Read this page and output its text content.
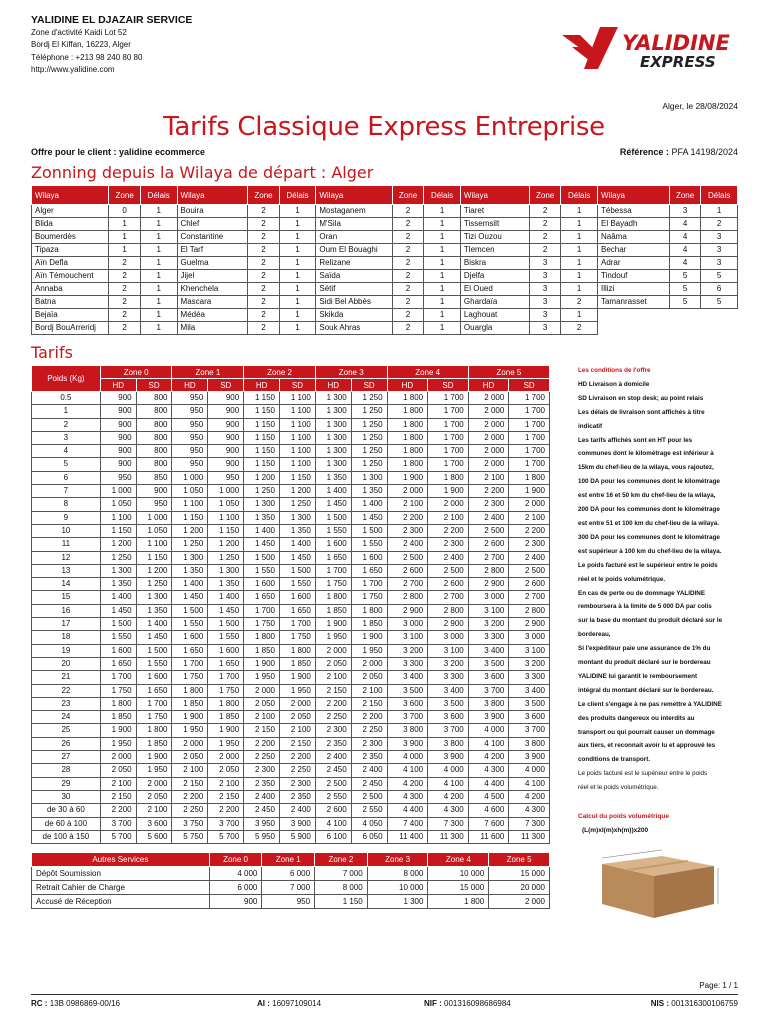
YALIDINE EL DJAZAIR SERVICE
Zone d'activité Kaidi Lot 52
Bordj El Kiffan, 16223, Alger
Téléphone : +213 98 240 80 80
http://www.yalidine.com
YALIDINE
EXPRESS
Alger, le 28/08/2024
Tarifs Classique Express Entreprise
Offre pour le client : yalidine ecommerce	Référence : PFA 14198/2024
Zonning depuis la Wilaya de départ : Alger
Wilaya	Zone	Délais	Wilaya	Zone	Délais	Wilaya	Zone	Délais	Wilaya	Zone	Délais	Wilaya	Zone	Délais
Alger	0	1	Bouira	2	1	Mostaganem	2	1	Tiaret	2	1	Tébessa	3	1
Blida	1	1	Chlef	2	1	M'Sila	2	1	Tissemsilt	2	1	El Bayadh	4	2
Boumerdès	1	1	Constantine	2	1	Oran	2	1	Tizi Ouzou	2	1	Naâma	4	3
Tipaza	1	1	El Tarf	2	1	Oum El Bouaghi	2	1	Tlemcen	2	1	Bechar	4	3
Aïn Defla	2	1	Guelma	2	1	Relizane	2	1	Biskra	3	1	Adrar	4	3
Aïn Témouchent	2	1	Jijel	2	1	Saïda	2	1	Djelfa	3	1	Tindouf	5	5
Annaba	2	1	Khenchela	2	1	Sétif	2	1	El Oued	3	1	Illizi	5	6
Batna	2	1	Mascara	2	1	Sidi Bel Abbès	2	1	Ghardaïa	3	2	Tamanrasset	5	5
Bejaïa	2	1	Médéa	2	1	Skikda	2	1	Laghouat	3	1			
Bordj BouArreridj	2	1	Mila	2	1	Souk Ahras	2	1	Ouargla	3	2			
Tarifs
Poids (Kg)	Zone 0		Zone 1		Zone 2		Zone 3		Zone 4		Zone 5	
	HD	SD	HD	SD	HD	SD	HD	SD	HD	SD	HD	SD
0.5	900	800	950	900	1 150	1 100	1 300	1 250	1 800	1 700	2 000	1 700
1	900	800	950	900	1 150	1 100	1 300	1 250	1 800	1 700	2 000	1 700
2	900	800	950	900	1 150	1 100	1 300	1 250	1 800	1 700	2 000	1 700
3	900	800	950	900	1 150	1 100	1 300	1 250	1 800	1 700	2 000	1 700
4	900	800	950	900	1 150	1 100	1 300	1 250	1 800	1 700	2 000	1 700
5	900	800	950	900	1 150	1 100	1 300	1 250	1 800	1 700	2 000	1 700
6	950	850	1 000	950	1 200	1 150	1 350	1 300	1 900	1 800	2 100	1 800
7	1 000	900	1 050	1 000	1 250	1 200	1 400	1 350	2 000	1 900	2 200	1 900
8	1 050	950	1 100	1 050	1 300	1 250	1 450	1 400	2 100	2 000	2 300	2 000
9	1 100	1 000	1 150	1 100	1 350	1 300	1 500	1 450	2 200	2 100	2 400	2 100
10	1 150	1 050	1 200	1 150	1 400	1 350	1 550	1 500	2 300	2 200	2 500	2 200
11	1 200	1 100	1 250	1 200	1 450	1 400	1 600	1 550	2 400	2 300	2 600	2 300
12	1 250	1 150	1 300	1 250	1 500	1 450	1 650	1 600	2 500	2 400	2 700	2 400
13	1 300	1 200	1 350	1 300	1 550	1 500	1 700	1 650	2 600	2 500	2 800	2 500
14	1 350	1 250	1 400	1 350	1 600	1 550	1 750	1 700	2 700	2 600	2 900	2 600
15	1 400	1 300	1 450	1 400	1 650	1 600	1 800	1 750	2 800	2 700	3 000	2 700
16	1 450	1 350	1 500	1 450	1 700	1 650	1 850	1 800	2 900	2 800	3 100	2 800
17	1 500	1 400	1 550	1 500	1 750	1 700	1 900	1 850	3 000	2 900	3 200	2 900
18	1 550	1 450	1 600	1 550	1 800	1 750	1 950	1 900	3 100	3 000	3 300	3 000
19	1 600	1 500	1 650	1 600	1 850	1 800	2 000	1 950	3 200	3 100	3 400	3 100
20	1 650	1 550	1 700	1 650	1 900	1 850	2 050	2 000	3 300	3 200	3 500	3 200
21	1 700	1 600	1 750	1 700	1 950	1 900	2 100	2 050	3 400	3 300	3 600	3 300
22	1 750	1 650	1 800	1 750	2 000	1 950	2 150	2 100	3 500	3 400	3 700	3 400
23	1 800	1 700	1 850	1 800	2 050	2 000	2 200	2 150	3 600	3 500	3 800	3 500
24	1 850	1 750	1 900	1 850	2 100	2 050	2 250	2 200	3 700	3 600	3 900	3 600
25	1 900	1 800	1 950	1 900	2 150	2 100	2 300	2 250	3 800	3 700	4 000	3 700
26	1 950	1 850	2 000	1 950	2 200	2 150	2 350	2 300	3 900	3 800	4 100	3 800
27	2 000	1 900	2 050	2 000	2 250	2 200	2 400	2 350	4 000	3 900	4 200	3 900
28	2 050	1 950	2 100	2 050	2 300	2 250	2 450	2 400	4 100	4 000	4 300	4 000
29	2 100	2 000	2 150	2 100	2 350	2 300	2 500	2 450	4 200	4 100	4 400	4 100
30	2 150	2 050	2 200	2 150	2 400	2 350	2 550	2 500	4 300	4 200	4 500	4 200
de 30 à 60	2 200	2 100	2 250	2 200	2 450	2 400	2 600	2 550	4 400	4 300	4 600	4 300
de 60 à 100	3 700	3 600	3 750	3 700	3 950	3 900	4 100	4 050	7 400	7 300	7 600	7 300
de 100 à 150	5 700	5 600	5 750	5 700	5 950	5 900	6 100	6 050	11 400	11 300	11 600	11 300
Autres Services	Zone 0	Zone 1	Zone 2	Zone 3	Zone 4	Zone 5
Dépôt Soumission	4 000	6 000	7 000	8 000	10 000	15 000
Retrait Cahier de Charge	6 000	7 000	8 000	10 000	15 000	20 000
Accusé de Réception	900	950	1 150	1 300	1 800	2 000

Les conditions de l'offre

HD Livraison à domicile

SD Livraison en stop desk; au point relais

Les délais de livraison sont affichés à titre

indicatif

Les tarifs affichés sont en HT pour les

communes dont le kilométrage est inférieur à

15km du chef-lieu de la wilaya, vous rajoutez,

100 DA pour les communes dont le kilométrage

est entre 16 et 50 km du chef-lieu de la wilaya,

200 DA pour les communes dont le kilométrage

est entre 51 et 100 km du chef-lieu de la wilaya.

300 DA pour les communes dont le kilométrage

est supérieur à 100 km du chef-lieu de la wilaya.

Le poids facturé est le supérieur entre le poids

réel et le poids volumétrique.

En cas de perte ou de dommage YALIDINE

remboursera à la limite de 5 000 DA par colis

sur la base du montant du produit déclaré sur le

bordereau,

Si l'expéditeur paie une assurance de 1% du

montant du produit déclaré sur le bordereau

YALIDINE lui garantit le remboursement

intégral du montant déclaré sur le bordereau.

Le client s'engage à ne pas remettre à YALIDINE

des produits dangereux ou interdits au

transport ou qui pourrait causer un dommage

aux tiers, et reconnait avoir lu et approuvé les

conditions de transport.

Le poids facturé est le supérieur entre le poids

réel et le poids volumétrique.

Calcul du poids volumétrique
(L(m)xl(m)xh(m))x200
Page: 1 / 1
RC : 13B 0986869-00/16	AI : 16097109014	NIF : 001316098686984	NIS : 001316300106759
